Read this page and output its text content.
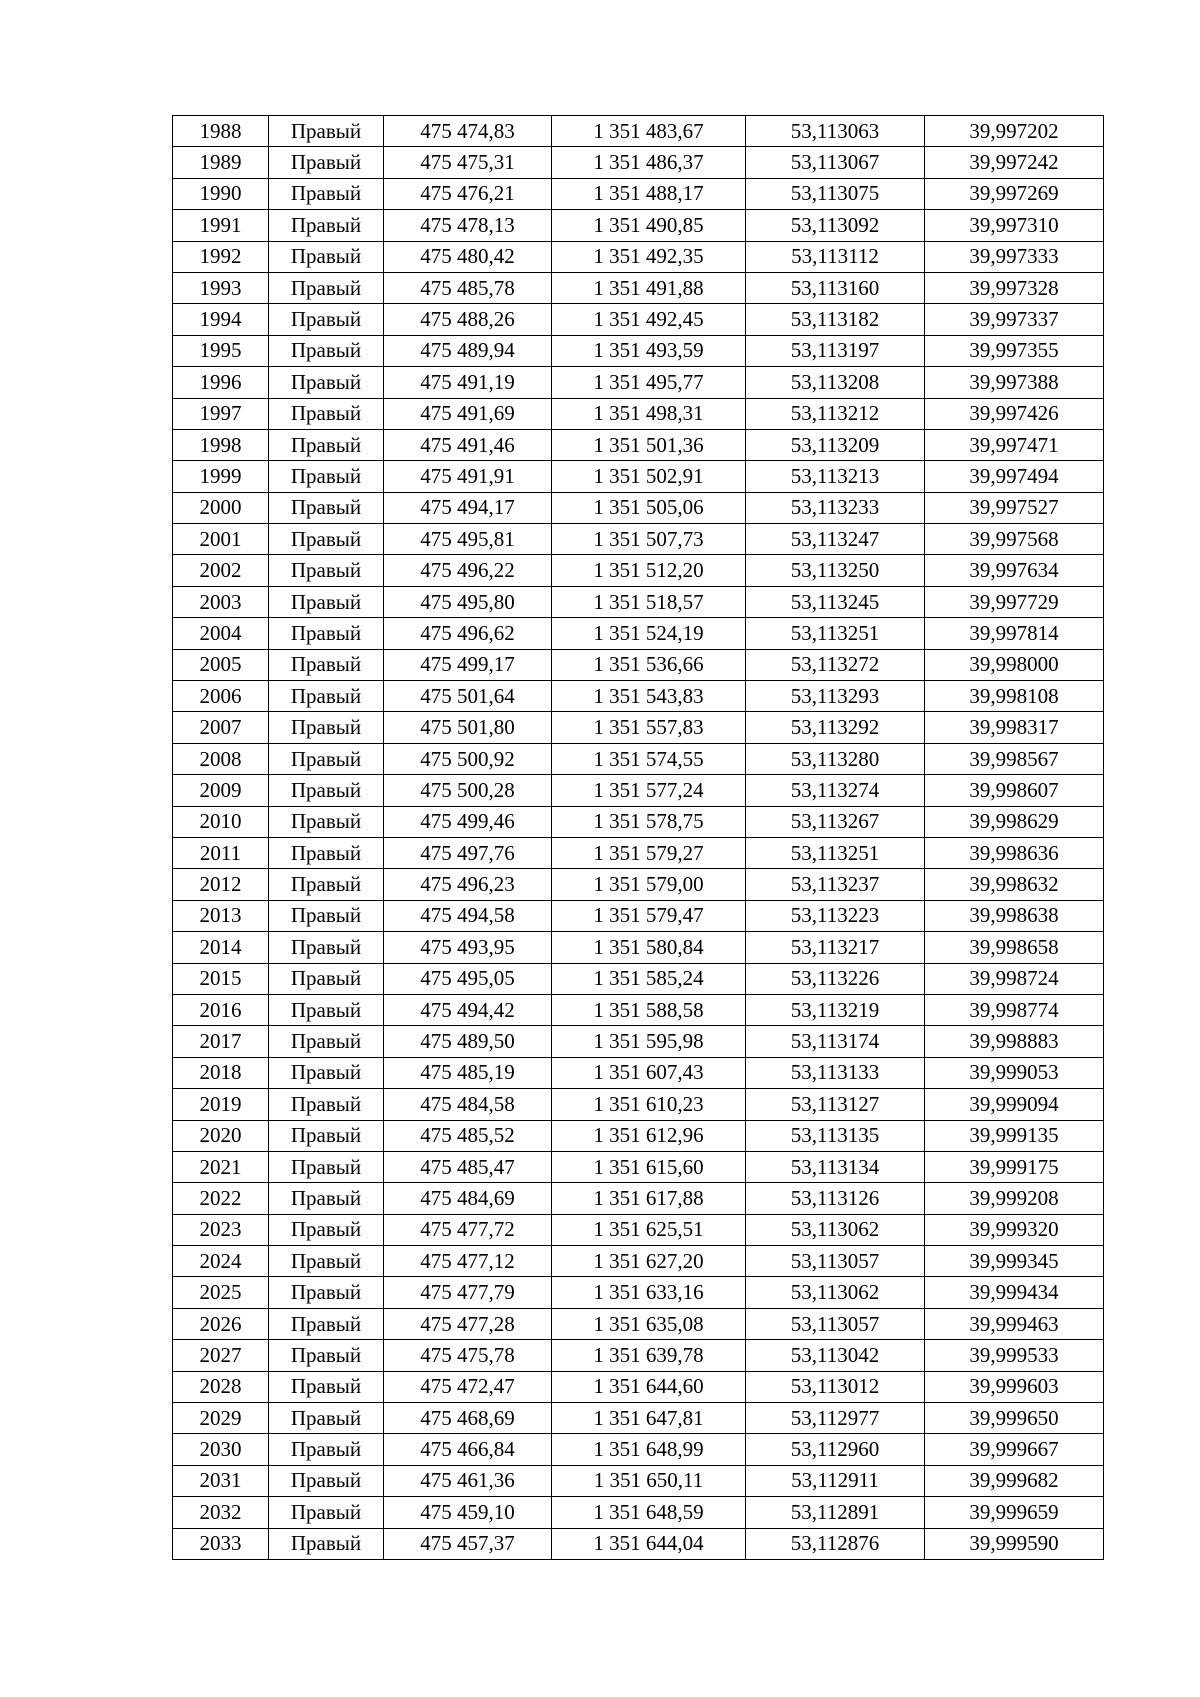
1988	Правый	475 474,83	1 351 483,67	53,113063	39,997202
1989	Правый	475 475,31	1 351 486,37	53,113067	39,997242
1990	Правый	475 476,21	1 351 488,17	53,113075	39,997269
1991	Правый	475 478,13	1 351 490,85	53,113092	39,997310
1992	Правый	475 480,42	1 351 492,35	53,113112	39,997333
1993	Правый	475 485,78	1 351 491,88	53,113160	39,997328
1994	Правый	475 488,26	1 351 492,45	53,113182	39,997337
1995	Правый	475 489,94	1 351 493,59	53,113197	39,997355
1996	Правый	475 491,19	1 351 495,77	53,113208	39,997388
1997	Правый	475 491,69	1 351 498,31	53,113212	39,997426
1998	Правый	475 491,46	1 351 501,36	53,113209	39,997471
1999	Правый	475 491,91	1 351 502,91	53,113213	39,997494
2000	Правый	475 494,17	1 351 505,06	53,113233	39,997527
2001	Правый	475 495,81	1 351 507,73	53,113247	39,997568
2002	Правый	475 496,22	1 351 512,20	53,113250	39,997634
2003	Правый	475 495,80	1 351 518,57	53,113245	39,997729
2004	Правый	475 496,62	1 351 524,19	53,113251	39,997814
2005	Правый	475 499,17	1 351 536,66	53,113272	39,998000
2006	Правый	475 501,64	1 351 543,83	53,113293	39,998108
2007	Правый	475 501,80	1 351 557,83	53,113292	39,998317
2008	Правый	475 500,92	1 351 574,55	53,113280	39,998567
2009	Правый	475 500,28	1 351 577,24	53,113274	39,998607
2010	Правый	475 499,46	1 351 578,75	53,113267	39,998629
2011	Правый	475 497,76	1 351 579,27	53,113251	39,998636
2012	Правый	475 496,23	1 351 579,00	53,113237	39,998632
2013	Правый	475 494,58	1 351 579,47	53,113223	39,998638
2014	Правый	475 493,95	1 351 580,84	53,113217	39,998658
2015	Правый	475 495,05	1 351 585,24	53,113226	39,998724
2016	Правый	475 494,42	1 351 588,58	53,113219	39,998774
2017	Правый	475 489,50	1 351 595,98	53,113174	39,998883
2018	Правый	475 485,19	1 351 607,43	53,113133	39,999053
2019	Правый	475 484,58	1 351 610,23	53,113127	39,999094
2020	Правый	475 485,52	1 351 612,96	53,113135	39,999135
2021	Правый	475 485,47	1 351 615,60	53,113134	39,999175
2022	Правый	475 484,69	1 351 617,88	53,113126	39,999208
2023	Правый	475 477,72	1 351 625,51	53,113062	39,999320
2024	Правый	475 477,12	1 351 627,20	53,113057	39,999345
2025	Правый	475 477,79	1 351 633,16	53,113062	39,999434
2026	Правый	475 477,28	1 351 635,08	53,113057	39,999463
2027	Правый	475 475,78	1 351 639,78	53,113042	39,999533
2028	Правый	475 472,47	1 351 644,60	53,113012	39,999603
2029	Правый	475 468,69	1 351 647,81	53,112977	39,999650
2030	Правый	475 466,84	1 351 648,99	53,112960	39,999667
2031	Правый	475 461,36	1 351 650,11	53,112911	39,999682
2032	Правый	475 459,10	1 351 648,59	53,112891	39,999659
2033	Правый	475 457,37	1 351 644,04	53,112876	39,999590
